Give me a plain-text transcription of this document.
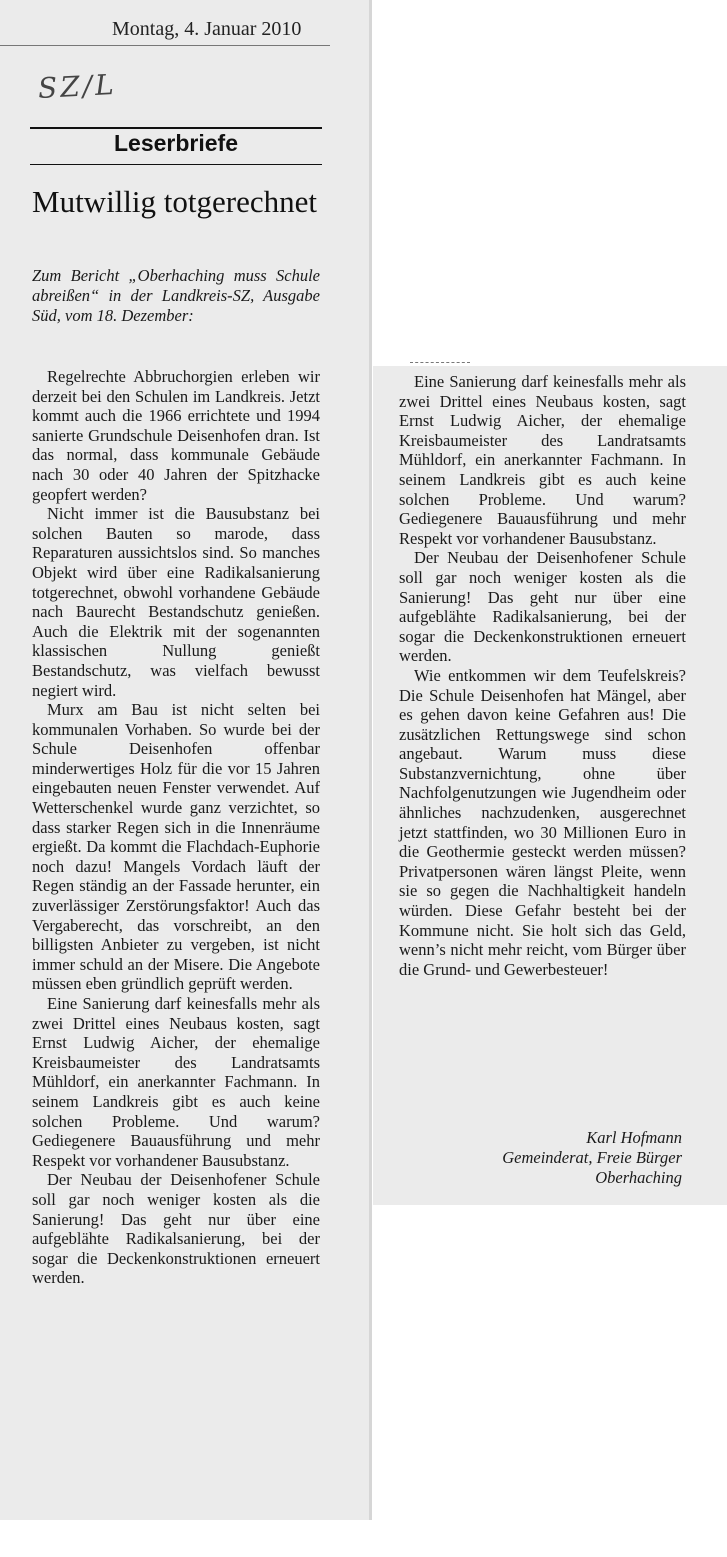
Montag, 4. Januar 2010
SZ/L
Leserbriefe
Mutwillig totgerechnet
Zum Bericht „Oberhaching muss Schule abreißen“ in der Landkreis-SZ, Ausgabe Süd, vom 18. Dezember:

Regelrechte Abbruchorgien erleben wir derzeit bei den Schulen im Landkreis. Jetzt kommt auch die 1966 errichtete und 1994 sanierte Grundschule Deisenhofen dran. Ist das normal, dass kommunale Gebäude nach 30 oder 40 Jahren der Spitzhacke geopfert werden?

Nicht immer ist die Bausubstanz bei solchen Bauten so marode, dass Reparaturen aussichtslos sind. So manches Objekt wird über eine Radikalsanierung totgerechnet, obwohl vorhandene Gebäude nach Baurecht Bestandschutz genießen. Auch die Elektrik mit der sogenannten klassischen Nullung genießt Bestandschutz, was vielfach bewusst negiert wird.

Murx am Bau ist nicht selten bei kommunalen Vorhaben. So wurde bei der Schule Deisenhofen offenbar minderwertiges Holz für die vor 15 Jahren eingebauten neuen Fenster verwendet. Auf Wetterschenkel wurde ganz verzichtet, so dass starker Regen sich in die Innenräume ergießt. Da kommt die Flachdach-Euphorie noch dazu! Mangels Vordach läuft der Regen ständig an der Fassade herunter, ein zuverlässiger Zerstörungsfaktor! Auch das Vergaberecht, das vorschreibt, an den billigsten Anbieter zu vergeben, ist nicht immer schuld an der Misere. Die Angebote müssen eben gründlich geprüft werden.

Eine Sanierung darf keinesfalls mehr als zwei Drittel eines Neubaus kosten, sagt Ernst Ludwig Aicher, der ehemalige Kreisbaumeister des Landratsamts Mühldorf, ein anerkannter Fachmann. In seinem Landkreis gibt es auch keine solchen Probleme. Und warum? Gediegenere Bauausführung und mehr Respekt vor vorhandener Bausubstanz.

Der Neubau der Deisenhofener Schule soll gar noch weniger kosten als die Sanierung! Das geht nur über eine aufgeblähte Radikalsanierung, bei der sogar die Deckenkonstruktionen erneuert werden.

Eine Sanierung darf keinesfalls mehr als zwei Drittel eines Neubaus kosten, sagt Ernst Ludwig Aicher, der ehemalige Kreisbaumeister des Landratsamts Mühldorf, ein anerkannter Fachmann. In seinem Landkreis gibt es auch keine solchen Probleme. Und warum? Gediegenere Bauausführung und mehr Respekt vor vorhandener Bausubstanz.

Der Neubau der Deisenhofener Schule soll gar noch weniger kosten als die Sanierung! Das geht nur über eine aufgeblähte Radikalsanierung, bei der sogar die Deckenkonstruktionen erneuert werden.

Wie entkommen wir dem Teufelskreis? Die Schule Deisenhofen hat Mängel, aber es gehen davon keine Gefahren aus! Die zusätzlichen Rettungswege sind schon angebaut. Warum muss diese Substanzvernichtung, ohne über Nachfolgenutzungen wie Jugendheim oder ähnliches nachzudenken, ausgerechnet jetzt stattfinden, wo 30 Millionen Euro in die Geothermie gesteckt werden müssen? Privatpersonen wären längst Pleite, wenn sie so gegen die Nachhaltigkeit handeln würden. Diese Gefahr besteht bei der Kommune nicht. Sie holt sich das Geld, wenn’s nicht mehr reicht, vom Bürger über die Grund- und Gewerbesteuer!

Karl Hofmann
Gemeinderat, Freie Bürger
Oberhaching
